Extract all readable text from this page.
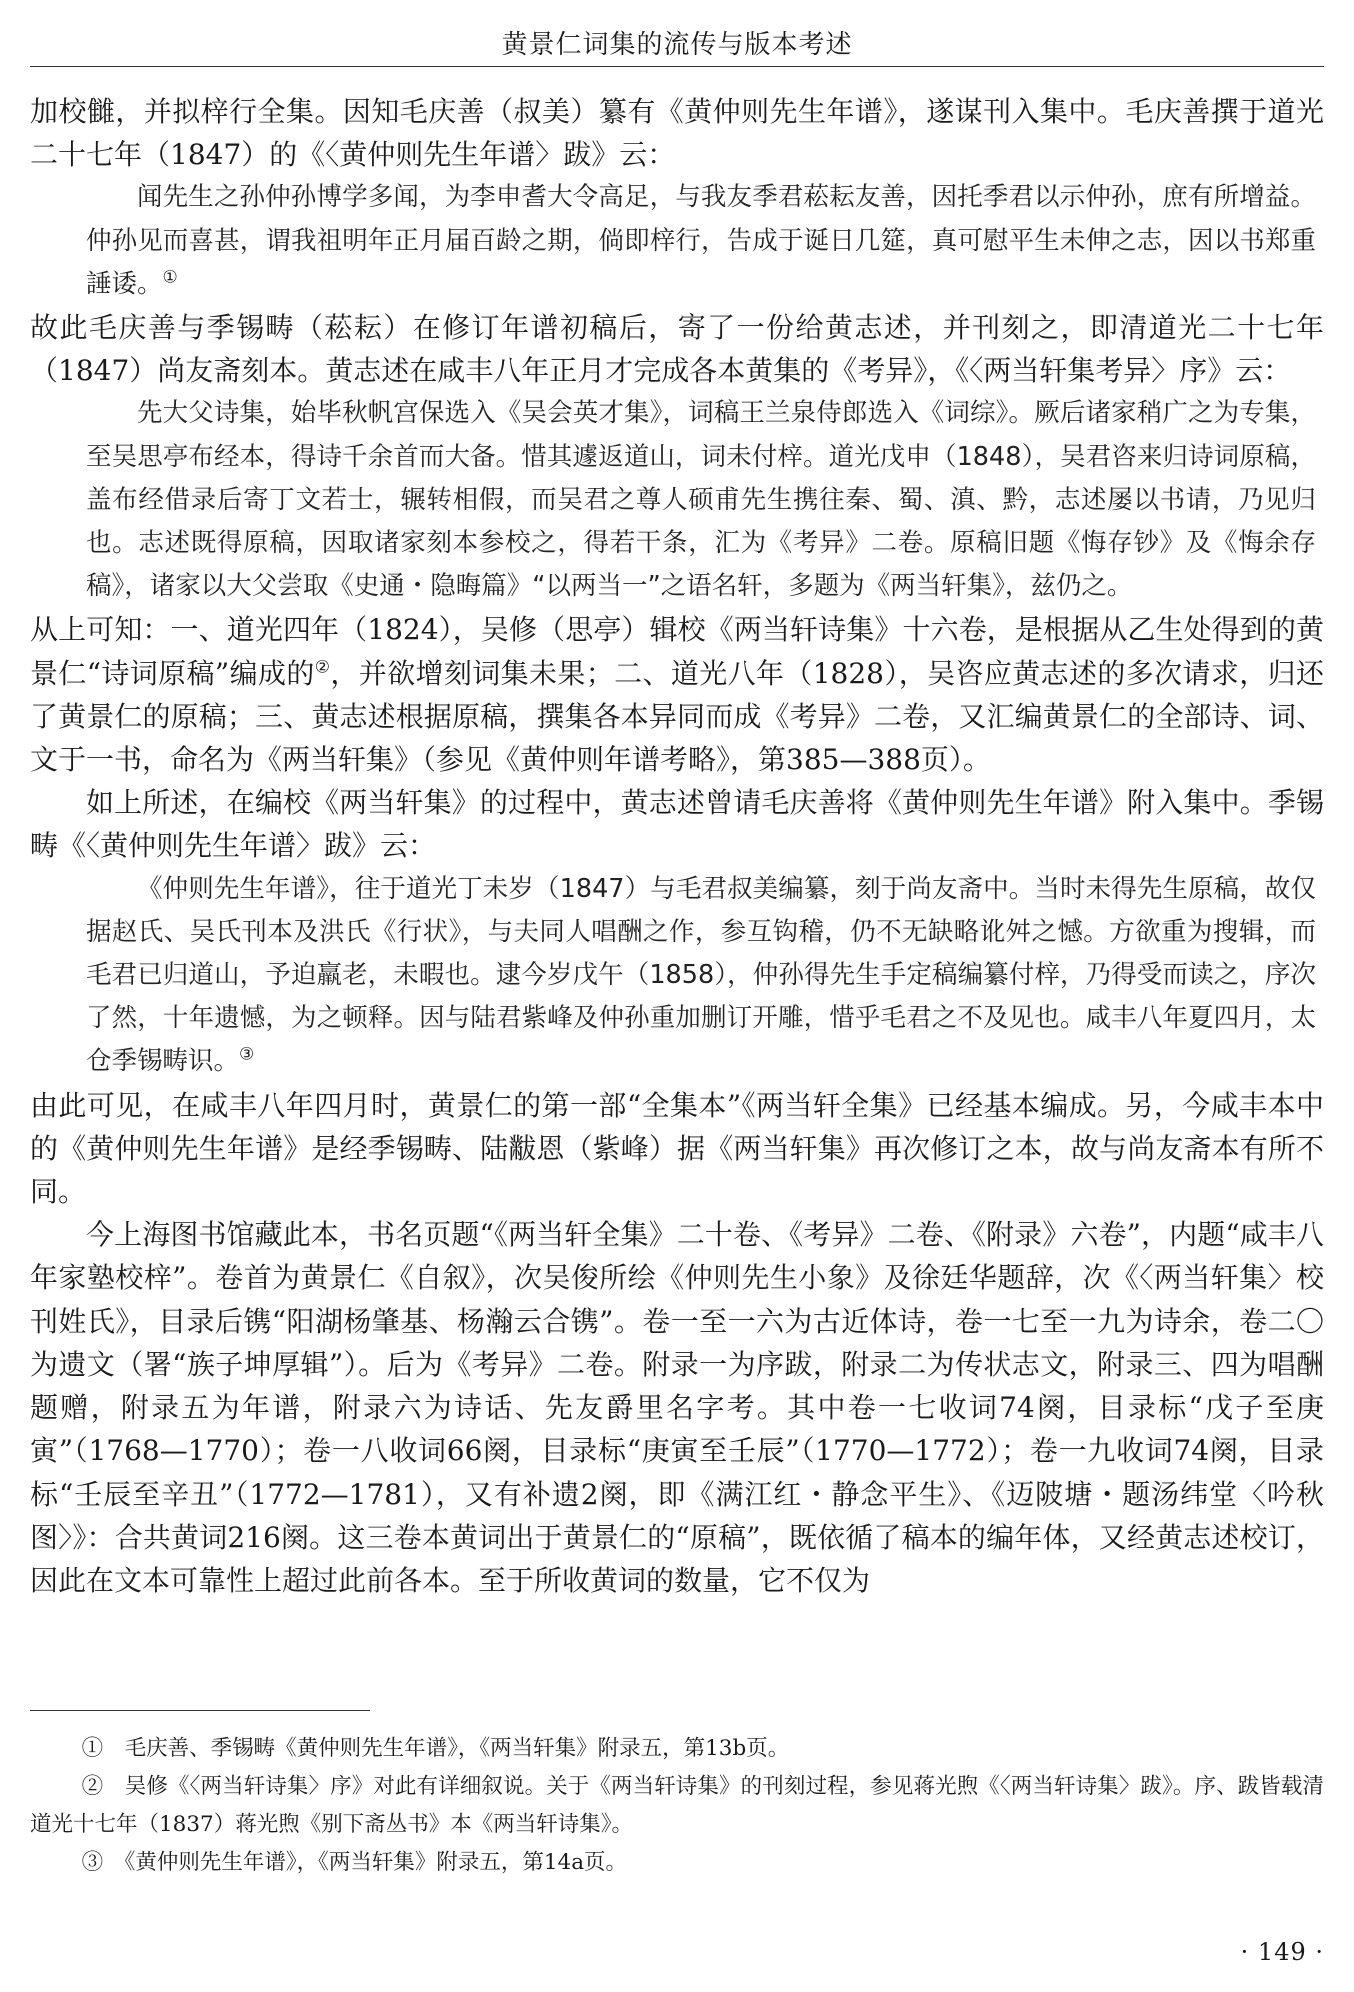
黄景仁词集的流传与版本考述

加校雠，并拟梓行全集。因知毛庆善（叔美）纂有《黄仲则先生年谱》，遂谋刊入集中。毛庆善撰于道光二十七年（1847）的《〈黄仲则先生年谱〉跋》云：

闻先生之孙仲孙博学多闻，为李申耆大令高足，与我友季君菘耘友善，因托季君以示仲孙，庶有所增益。仲孙见而喜甚，谓我祖明年正月届百龄之期，倘即梓行，告成于诞日几筵，真可慰平生未伸之志，因以书郑重諈诿。①

故此毛庆善与季锡畴（菘耘）在修订年谱初稿后，寄了一份给黄志述，并刊刻之，即清道光二十七年（1847）尚友斋刻本。黄志述在咸丰八年正月才完成各本黄集的《考异》，《〈两当轩集考异〉序》云：

先大父诗集，始毕秋帆宫保选入《吴会英才集》，词稿王兰泉侍郎选入《词综》。厥后诸家稍广之为专集，至吴思亭布经本，得诗千余首而大备。惜其遽返道山，词未付梓。道光戊申（1848），吴君咨来归诗词原稿，盖布经借录后寄丁文若士，辗转相假，而吴君之尊人硕甫先生携往秦、蜀、滇、黔，志述屡以书请，乃见归也。志述既得原稿，因取诸家刻本参校之，得若干条，汇为《考异》二卷。原稿旧题《悔存钞》及《悔余存稿》，诸家以大父尝取《史通・隐晦篇》“以两当一”之语名轩，多题为《两当轩集》，兹仍之。

从上可知：一、道光四年（1824），吴修（思亭）辑校《两当轩诗集》十六卷，是根据从乙生处得到的黄景仁“诗词原稿”编成的②，并欲增刻词集未果；二、道光八年（1828），吴咨应黄志述的多次请求，归还了黄景仁的原稿；三、黄志述根据原稿，撰集各本异同而成《考异》二卷，又汇编黄景仁的全部诗、词、文于一书，命名为《两当轩集》（参见《黄仲则年谱考略》，第385—388页）。

如上所述，在编校《两当轩集》的过程中，黄志述曾请毛庆善将《黄仲则先生年谱》附入集中。季锡畴《〈黄仲则先生年谱〉跋》云：

《仲则先生年谱》，往于道光丁未岁（1847）与毛君叔美编纂，刻于尚友斋中。当时未得先生原稿，故仅据赵氏、吴氏刊本及洪氏《行状》，与夫同人唱酬之作，参互钩稽，仍不无缺略讹舛之憾。方欲重为搜辑，而毛君已归道山，予迫羸老，未暇也。逮今岁戊午（1858），仲孙得先生手定稿编纂付梓，乃得受而读之，序次了然，十年遗憾，为之顿释。因与陆君紫峰及仲孙重加删订开雕，惜乎毛君之不及见也。咸丰八年夏四月，太仓季锡畴识。③

由此可见，在咸丰八年四月时，黄景仁的第一部“全集本”《两当轩全集》已经基本编成。另，今咸丰本中的《黄仲则先生年谱》是经季锡畴、陆黻恩（紫峰）据《两当轩集》再次修订之本，故与尚友斋本有所不同。

今上海图书馆藏此本，书名页题“《两当轩全集》二十卷、《考异》二卷、《附录》六卷”，内题“咸丰八年家塾校梓”。卷首为黄景仁《自叙》，次吴俊所绘《仲则先生小象》及徐廷华题辞，次《〈两当轩集〉校刊姓氏》，目录后镌“阳湖杨肇基、杨瀚云合镌”。卷一至一六为古近体诗，卷一七至一九为诗余，卷二〇为遗文（署“族子坤厚辑”）。后为《考异》二卷。附录一为序跋，附录二为传状志文，附录三、四为唱酬题赠，附录五为年谱，附录六为诗话、先友爵里名字考。其中卷一七收词74阕，目录标“戊子至庚寅”（1768—1770）；卷一八收词66阕，目录标“庚寅至壬辰”（1770—1772）；卷一九收词74阕，目录标“壬辰至辛丑”（1772—1781），又有补遗2阕，即《满江红・静念平生》、《迈陂塘・题汤纬堂〈吟秋图〉》：合共黄词216阕。这三卷本黄词出于黄景仁的“原稿”，既依循了稿本的编年体，又经黄志述校订，因此在文本可靠性上超过此前各本。至于所收黄词的数量，它不仅为

①　毛庆善、季锡畴《黄仲则先生年谱》，《两当轩集》附录五，第13b页。

②　吴修《〈两当轩诗集〉序》对此有详细叙说。关于《两当轩诗集》的刊刻过程，参见蒋光煦《〈两当轩诗集〉跋》。序、跋皆载清道光十七年（1837）蒋光煦《别下斋丛书》本《两当轩诗集》。

③　《黄仲则先生年谱》，《两当轩集》附录五，第14a页。

· 149 ·
